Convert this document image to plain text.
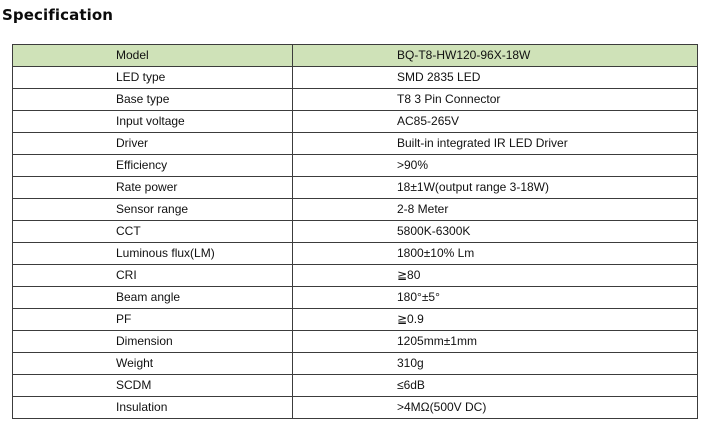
Specification
Model	BQ-T8-HW120-96X-18W
LED type	SMD 2835 LED
Base type	T8 3 Pin Connector
Input voltage	AC85-265V
Driver	Built-in integrated IR LED Driver
Efficiency	>90%
Rate power	18±1W(output range 3-18W)
Sensor range	2-8 Meter
CCT	5800K-6300K
Luminous flux(LM)	1800±10% Lm
CRI	≧80
Beam angle	180°±5°
PF	≧0.9
Dimension	1205mm±1mm
Weight	310g
SCDM	≤6dB
Insulation	>4MΩ(500V DC)
